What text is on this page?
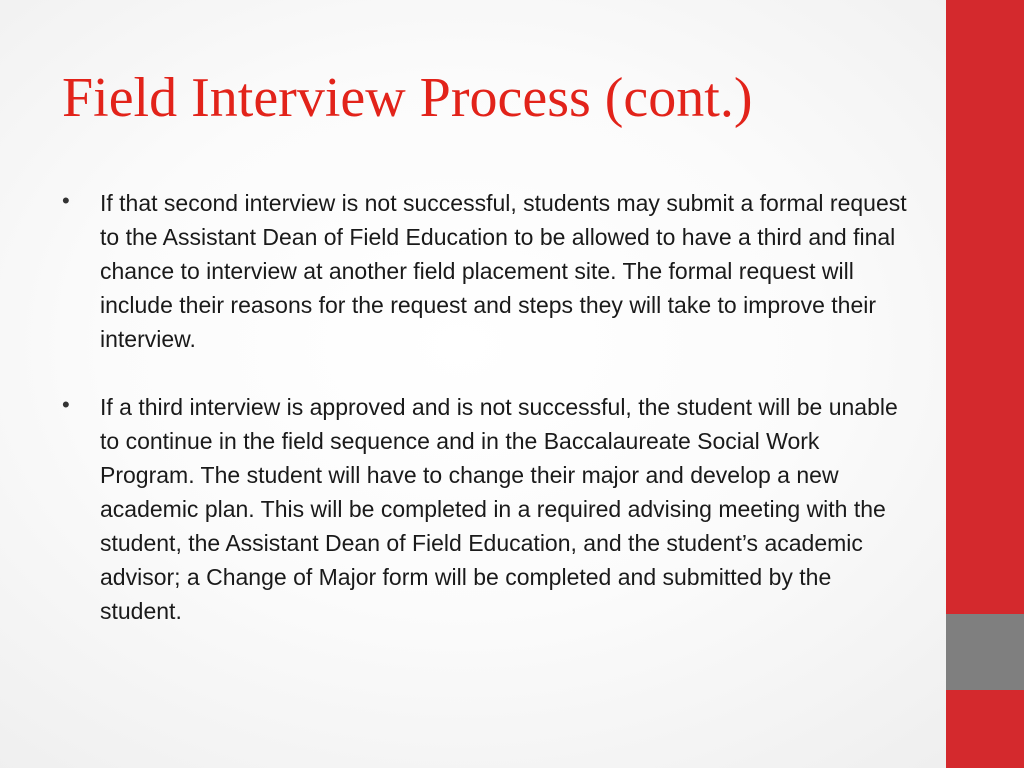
Field Interview Process (cont.)
• If that second interview is not successful, students may submit a formal request to the Assistant Dean of Field Education to be allowed to have a third and final chance to interview at another field placement site. The formal request will include their reasons for the request and steps they will take to improve their interview.
• If a third interview is approved and is not successful, the student will be unable to continue in the field sequence and in the Baccalaureate Social Work Program. The student will have to change their major and develop a new academic plan. This will be completed in a required advising meeting with the student, the Assistant Dean of Field Education, and the student’s academic advisor; a Change of Major form will be completed and submitted by the student.
